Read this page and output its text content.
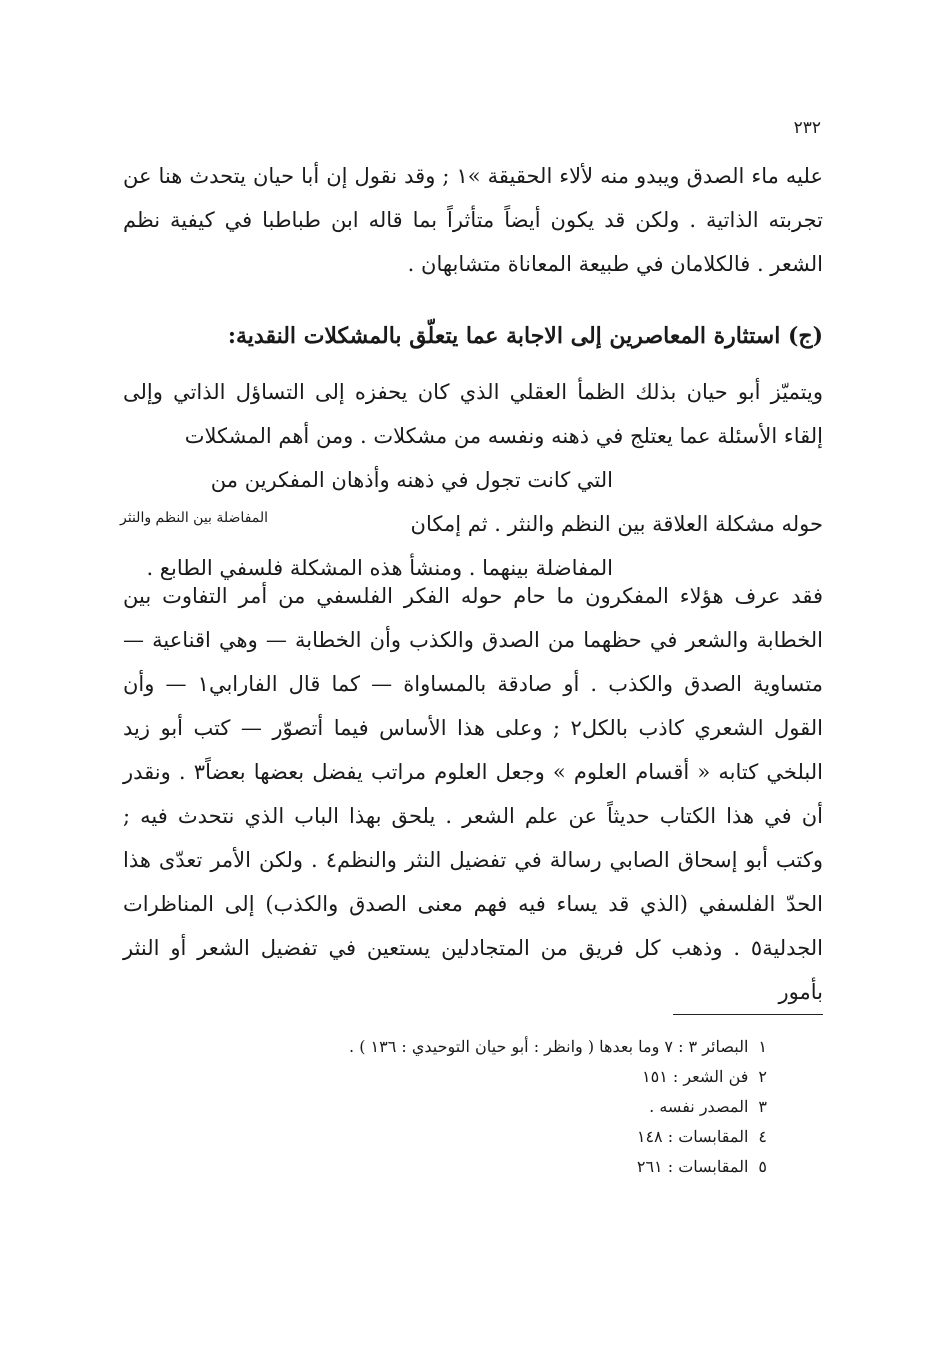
٢٣٢

عليه ماء الصدق ويبدو منه لألاء الحقيقة »١ ; وقد نقول إن أبا حيان يتحدث هنا عن تجربته الذاتية . ولكن قد يكون أيضاً متأثراً بما قاله ابن طباطبا في كيفية نظم الشعر . فالكلامان في طبيعة المعاناة متشابهان .

(ج) استثارة المعاصرين إلى الاجابة عما يتعلّق بالمشكلات النقدية:

ويتميّز أبو حيان بذلك الظمأ العقلي الذي كان يحفزه إلى التساؤل الذاتي وإلى إلقاء الأسئلة عما يعتلج في ذهنه ونفسه من مشكلات . ومن أهم المشكلات

التي كانت تجول في ذهنه وأذهان المفكرين من
حوله مشكلة العلاقة بين النظم والنثر . ثم إمكان
المفاضلة بينهما . ومنشأ هذه المشكلة فلسفي الطابع .
المفاضلة بين النظم والنثر

فقد عرف هؤلاء المفكرون ما حام حوله الفكر الفلسفي من أمر التفاوت بين الخطابة والشعر في حظهما من الصدق والكذب وأن الخطابة — وهي اقناعية — متساوية الصدق والكذب . أو صادقة بالمساواة — كما قال الفارابي١ — وأن القول الشعري كاذب بالكل٢ ; وعلى هذا الأساس فيما أتصوّر — كتب أبو زيد البلخي كتابه « أقسام العلوم » وجعل العلوم مراتب يفضل بعضها بعضاً٣ . ونقدر أن في هذا الكتاب حديثاً عن علم الشعر . يلحق بهذا الباب الذي نتحدث فيه ; وكتب أبو إسحاق الصابي رسالة في تفضيل النثر والنظم٤ . ولكن الأمر تعدّى هذا الحدّ الفلسفي (الذي قد يساء فيه فهم معنى الصدق والكذب) إلى المناظرات الجدلية٥ . وذهب كل فريق من المتجادلين يستعين في تفضيل الشعر أو النثر بأمور

١البصائر ٣ : ٧ وما بعدها ( وانظر : أبو حيان التوحيدي : ١٣٦ ) .
٢فن الشعر : ١٥١
٣المصدر نفسه .
٤المقابسات : ١٤٨
٥المقابسات : ٢٦١
